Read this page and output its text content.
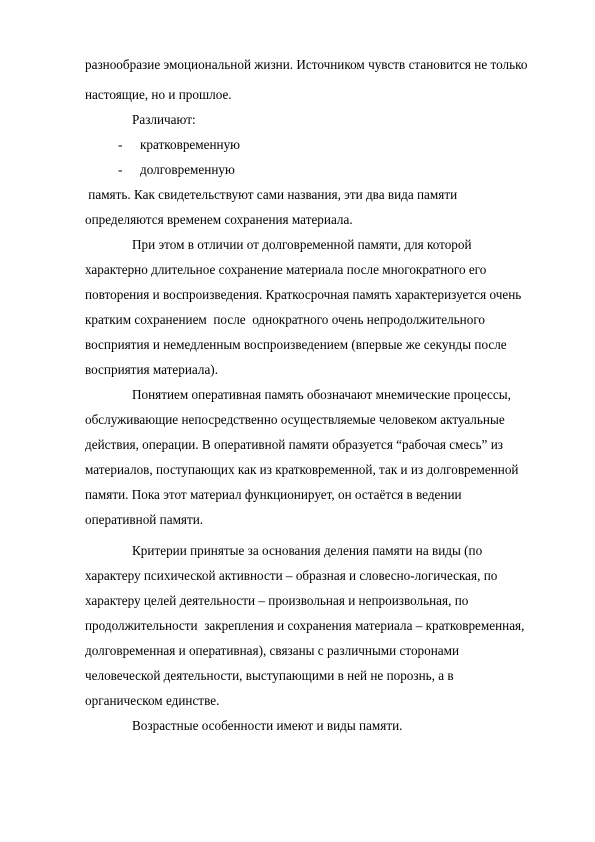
разнообразие эмоциональной жизни. Источником чувств становится не только
настоящие, но и прошлое.
Различают:
- кратковременную
- долговременную
память. Как свидетельствуют сами названия, эти два вида памяти
определяются временем сохранения материала.
При этом в отличии от долговременной памяти, для которой
характерно длительное сохранение материала после многократного его
повторения и воспроизведения. Краткосрочная память характеризуется очень
кратким сохранением  после  однократного очень непродолжительного
восприятия и немедленным воспроизведением (впервые же секунды после
восприятия материала).
Понятием оперативная память обозначают мнемические процессы,
обслуживающие непосредственно осуществляемые человеком актуальные
действия, операции. В оперативной памяти образуется “рабочая смесь” из
материалов, поступающих как из кратковременной, так и из долговременной
памяти. Пока этот материал функционирует, он остаётся в ведении
оперативной памяти.
Критерии принятые за основания деления памяти на виды (по
характеру психической активности – образная и словесно-логическая, по
характеру целей деятельности – произвольная и непроизвольная, по
продолжительности  закрепления и сохранения материала – кратковременная,
долговременная и оперативная), связаны с различными сторонами
человеческой деятельности, выступающими в ней не порознь, а в
органическом единстве.
Возрастные особенности имеют и виды памяти.
